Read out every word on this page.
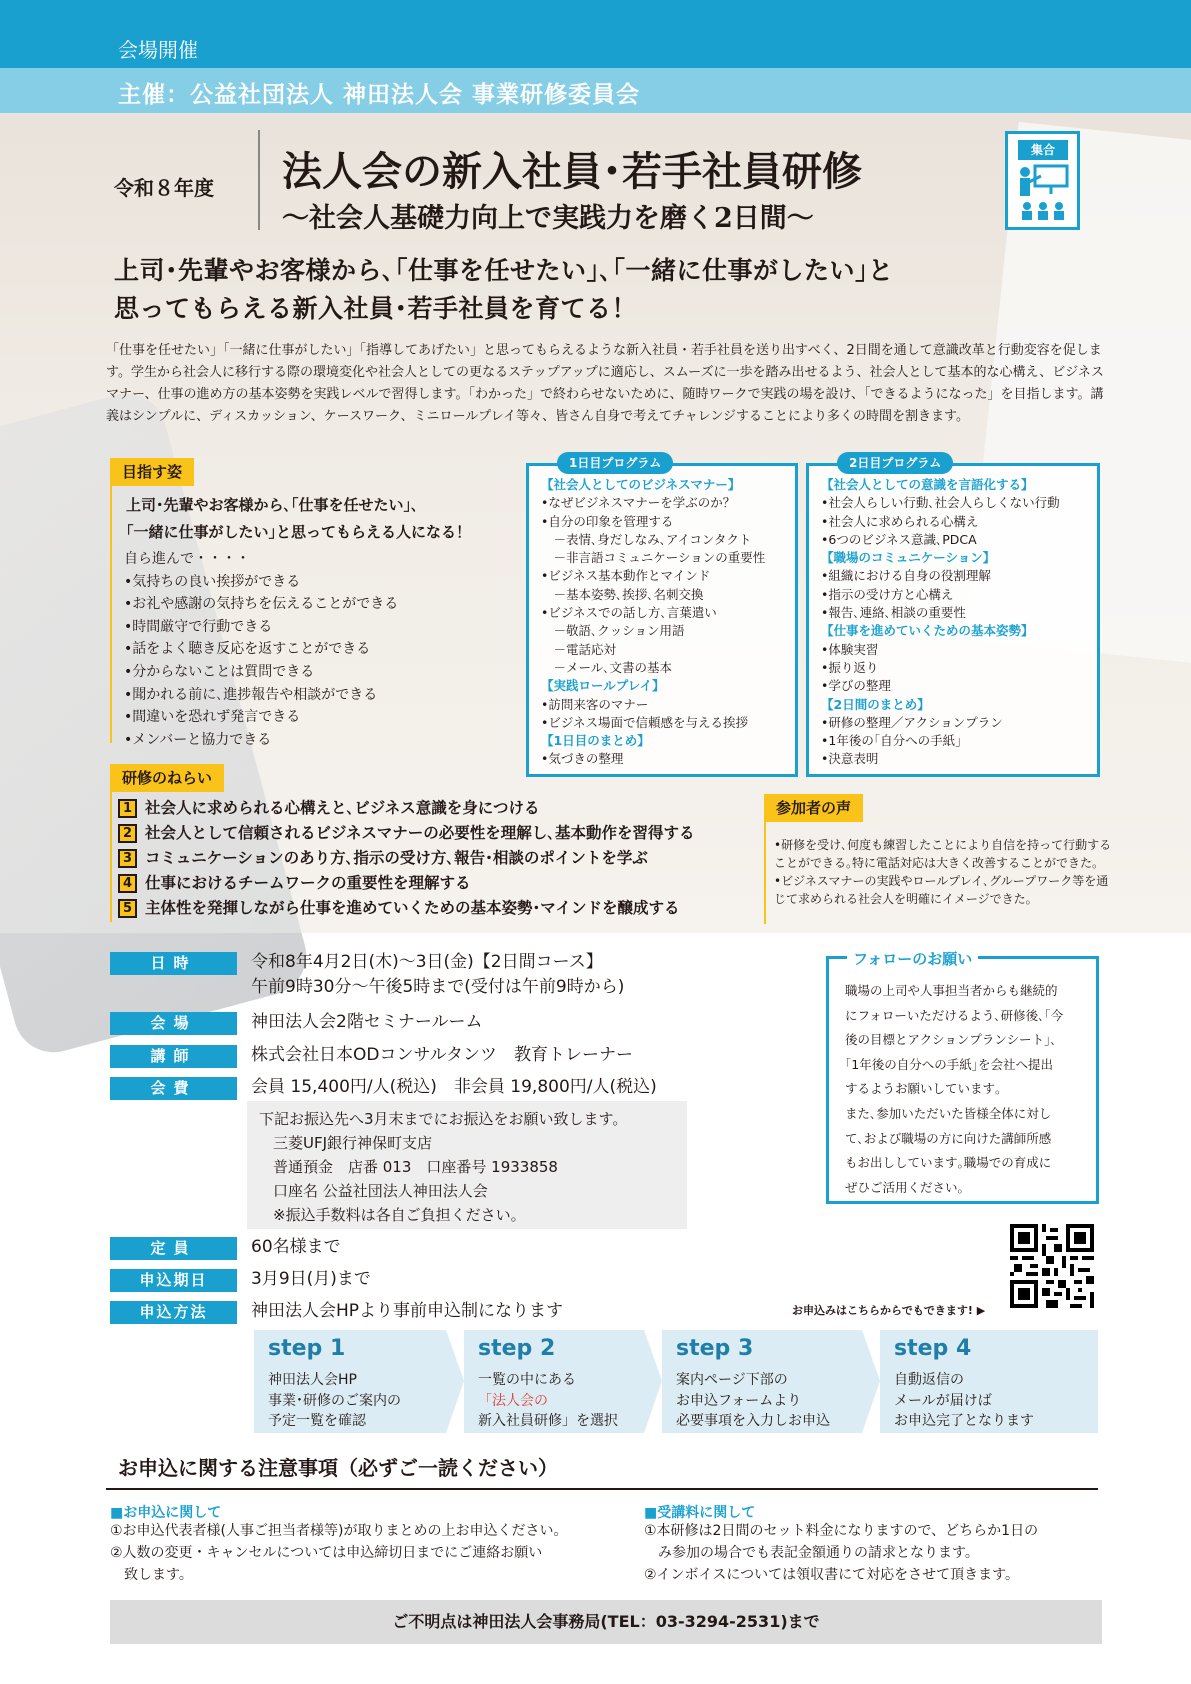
会場開催
主催：公益社団法人 神田法人会 事業研修委員会
令和８年度 法人会の新入社員･若手社員研修
～社会人基礎力向上で実践力を磨く2日間～
集合
上司･先輩やお客様から､｢仕事を任せたい｣､｢一緒に仕事がしたい｣と
思ってもらえる新入社員･若手社員を育てる！
「仕事を任せたい」「一緒に仕事がしたい」「指導してあげたい」と思ってもらえるような新入社員・若手社員を送り出すべく、2日間を通して意識改革と行動変容を促します。学生から社会人に移行する際の環境変化や社会人としての更なるステップアップに適応し、スムーズに一歩を踏み出せるよう、社会人として基本的な心構え、ビジネスマナー、仕事の進め方の基本姿勢を実践レベルで習得します。「わかった」で終わらせないために、随時ワークで実践の場を設け、「できるようになった」を目指します。講義はシンプルに、ディスカッション、ケースワーク、ミニロールプレイ等々、皆さん自身で考えてチャレンジすることにより多くの時間を割きます。
目指す姿
上司･先輩やお客様から､｢仕事を任せたい｣､
｢一緒に仕事がしたい｣と思ってもらえる人になる！
自ら進んで・・・・
•気持ちの良い挨拶ができる
•お礼や感謝の気持ちを伝えることができる
•時間厳守で行動できる
•話をよく聴き反応を返すことができる
•分からないことは質問できる
•聞かれる前に､進捗報告や相談ができる
•間違いを恐れず発言できる
•メンバーと協力できる
1日目プログラム
【社会人としてのビジネスマナー】
•なぜビジネスマナーを学ぶのか？
•自分の印象を管理する
　－表情､身だしなみ､アイコンタクト
　－非言語コミュニケーションの重要性
•ビジネス基本動作とマインド
　－基本姿勢､挨拶､名刺交換
•ビジネスでの話し方､言葉遣い
　－敬語､クッション用語
　－電話応対
　－メール､文書の基本
【実践ロールプレイ】
•訪問来客のマナー
•ビジネス場面で信頼感を与える挨拶
【1日目のまとめ】
•気づきの整理
2日目プログラム
【社会人としての意識を言語化する】
•社会人らしい行動､社会人らしくない行動
•社会人に求められる心構え
•6つのビジネス意識､PDCA
【職場のコミュニケーション】
•組織における自身の役割理解
•指示の受け方と心構え
•報告､連絡､相談の重要性
【仕事を進めていくための基本姿勢】
•体験実習
•振り返り
•学びの整理
【2日間のまとめ】
•研修の整理／アクションプラン
•1年後の｢自分への手紙｣
•決意表明
研修のねらい
1 社会人に求められる心構えと､ビジネス意識を身につける
2 社会人として信頼されるビジネスマナーの必要性を理解し､基本動作を習得する
3 コミュニケーションのあり方､指示の受け方､報告･相談のポイントを学ぶ
4 仕事におけるチームワークの重要性を理解する
5 主体性を発揮しながら仕事を進めていくための基本姿勢･マインドを醸成する
参加者の声
•研修を受け､何度も練習したことにより自信を持って行動することができる｡特に電話対応は大きく改善することができた｡
•ビジネスマナーの実践やロールプレイ､グループワーク等を通じて求められる社会人を明確にイメージできた｡
日時	令和8年4月2日(木)～3日(金)【2日間コース】
午前9時30分～午後5時まで(受付は午前9時から)
会場	神田法人会2階セミナールーム
講師	株式会社日本ODコンサルタンツ　教育トレーナー
会費	会員 15,400円/人(税込)　非会員 19,800円/人(税込)
下記お振込先へ3月末までにお振込をお願い致します。
三菱UFJ銀行神保町支店
普通預金　店番 013　口座番号 1933858
口座名 公益社団法人神田法人会
※振込手数料は各自ご負担ください。
定員	60名様まで
申込期日	3月9日(月)まで
申込方法	神田法人会HPより事前申込制になります
フォローのお願い
職場の上司や人事担当者からも継続的
にフォローいただけるよう､研修後､｢今
後の目標とアクションプランシート｣､
｢1年後の自分への手紙｣を会社へ提出
するようお願いしています｡
また､参加いただいた皆様全体に対し
て､および職場の方に向けた講師所感
もお出ししています｡職場での育成に
ぜひご活用ください｡
お申込みはこちらからでもできます! ▶
step 1
神田法人会HP
事業･研修のご案内の
予定一覧を確認
step 2
一覧の中にある
「法人会の
新入社員研修」を選択
step 3
案内ページ下部の
お申込フォームより
必要事項を入力しお申込
step 4
自動返信の
メールが届けば
お申込完了となります
お申込に関する注意事項（必ずご一読ください）
■お申込に関して
①お申込代表者様(人事ご担当者様等)が取りまとめの上お申込ください。
②人数の変更・キャンセルについては申込締切日までにご連絡お願い
　致します。
■受講料に関して
①本研修は2日間のセット料金になりますので、どちらか1日の
　み参加の場合でも表記金額通りの請求となります。
②インボイスについては領収書にて対応をさせて頂きます。
ご不明点は神田法人会事務局(TEL：03-3294-2531)まで
